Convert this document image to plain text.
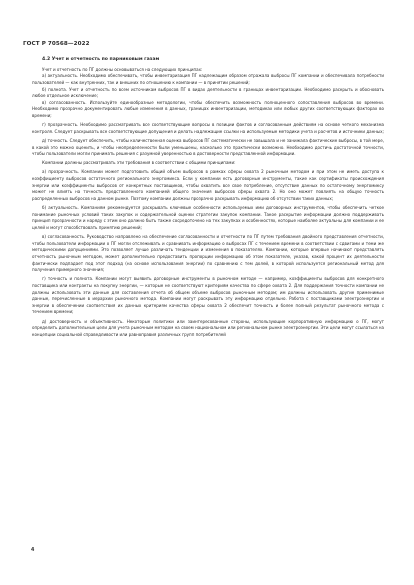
ГОСТ Р 70568—2022

4.2 Учет и отчетность по парниковым газам

Учет и отчетность по ПГ должны основываться на следующих принципах:

а) актуальность. Необходимо обеспечивать, чтобы инвентаризация ПГ надлежащим образом отражала выбросы ПГ компании и обеспечивала потребности пользователей — как внутренних, так и внешних по отношению к компании — в принятии решений;

б) полнота. Учет и отчетность по всем источникам выбросов ПГ в видах деятельности в границах инвентаризации. Необходимо раскрыть и обосновать любое отдельное исключение;

в) согласованность. Используйте единообразные методологии, чтобы обеспечить возможность полноценного сопоставления выбросов во времени. Необходимо прозрачно документировать любые изменения в данных, границах инвентаризации, методиках или любых других соответствующих факторах во времени;

г) прозрачность. Необходимо рассматривать все соответствующие вопросы в позиции фактов и согласованным действиям на основе четкого механизма контроля. Следует раскрывать все соответствующие допущения и делать надлежащие ссылки на используемые методики учета и расчетов и источники данных;

д) точность. Следует обеспечить, чтобы количественная оценка выбросов ПГ систематически не завышала и не занижала фактические выбросы, в той мере, в какой это можно оценить, и чтобы неопределенности были уменьшены, насколько это практически возможно. Необходимо достичь достаточной точности, чтобы пользователи могли принимать решения с разумной уверенностью в достоверности представленной информации.

Компании должны рассматривать эти требования в соответствии с общими принципами:

а) прозрачность. Компании может подготовить общий объем выбросов в рамках сферы охвата 2 рыночным методом и при этом не иметь доступа к коэффициенту выбросов остаточного регионального энергомикса. Если у компании есть договорные инструменты, такие как сертификаты происхождения энергии или коэффициенты выбросов от конкретных поставщиков, чтобы охватить все свое потребление, отсутствие данных по остаточному энергомиксу может не влиять на точность представленного компанией общего значения выбросов сферы охвата 2. Но оно может повлиять на общую точность распределенных выбросов на данном рынке. Поэтому компании должны прозрачно раскрывать информацию об отсутствии таких данных;

б) актуальность. Компаниям рекомендуется раскрывать ключевые особенности используемых ими договорных инструментов, чтобы обеспечить четкое понимание рыночных условий таких закупок и содержательной оценки стратегии закупок компании. Такое раскрытие информации должно поддерживать принцип прозрачности и наряду с этим оно должно быть также сосредоточено на тех закупках и особенностях, которые наиболее актуальны для компании и ее целей и могут способствовать принятию решений;

в) согласованность. Руководство направлено на обеспечение согласованности и отчетности по ПГ путем требования двойного представления отчетности, чтобы пользователи информации о ПГ могли отслеживать и сравнивать информацию о выбросах ПГ с течением времени в соответствии с сдвигами и теми же методическими допущениями. Это позволяет лучше различать тенденции и изменения в показателях. Компании, которые впервые начинают представлять отчетность рыночным методом, может дополнительно предоставить пропорции информацию об этом показателе, указав, какой процент их деятельности фактически подпадает под этот подход (на основе использования энергии) по сравнению с тем долей, в которой используется региональный метод для получения примерного значения;

г) точность и полнота. Компании могут выявить договорные инструменты в рыночном методе — например, коэффициенты выбросов для конкретного поставщика или контракты на покупку энергии, — которые не соответствуют критериям качества по сфере охвата 2. Для поддержания точности компании не должны использовать эти данные для составления отчета об общем объеме выбросов рыночным методом; им должны использовать другие применимые данные, перечисленные в иерархии рыночного метода. Компании могут раскрывать эту информацию отдельно. Работа с поставщиками электроэнергии и энергии в обеспечении соответствия их данных критериям качества сферы охвата 2 обеспечит точность и более полный результат рыночного метода с течением времени;

д) достоверность и объективность. Некоторые политики или заинтересованные стороны, использующие корпоративную информацию о ПГ, могут определить дополнительные цели для учета рыночным методом на своем национальном или региональном рынке электроэнергии. Эти цели могут ссылаться на концепции социальной справедливости или равноправия различных групп потребителей

4
